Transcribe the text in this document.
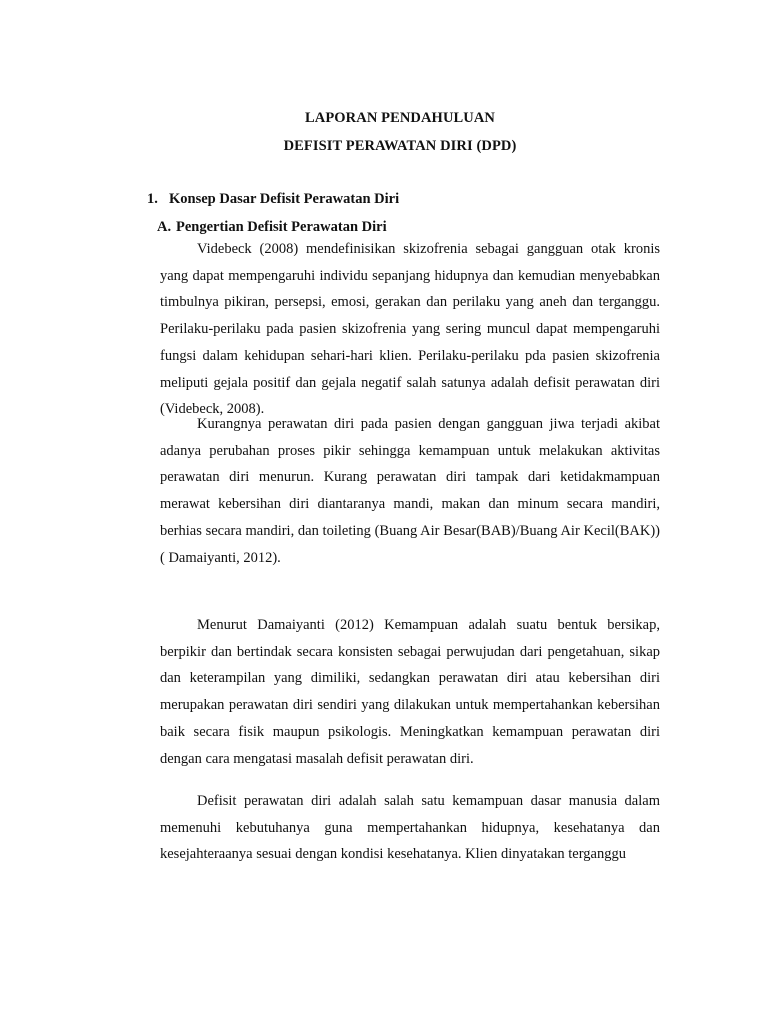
LAPORAN PENDAHULUAN
DEFISIT PERAWATAN DIRI (DPD)
1. Konsep Dasar Defisit Perawatan Diri
A. Pengertian Defisit Perawatan Diri

Videbeck (2008) mendefinisikan skizofrenia sebagai gangguan otak kronis yang dapat mempengaruhi individu sepanjang hidupnya dan kemudian menyebabkan timbulnya pikiran, persepsi, emosi, gerakan dan perilaku yang aneh dan terganggu. Perilaku-perilaku pada pasien skizofrenia yang sering muncul dapat mempengaruhi fungsi dalam kehidupan sehari-hari klien. Perilaku-perilaku pda pasien skizofrenia meliputi gejala positif dan gejala negatif salah satunya adalah defisit perawatan diri (Videbeck, 2008).

Kurangnya perawatan diri pada pasien dengan gangguan jiwa terjadi akibat adanya perubahan proses pikir sehingga kemampuan untuk melakukan aktivitas perawatan diri menurun. Kurang perawatan diri tampak dari ketidakmampuan merawat kebersihan diri diantaranya mandi, makan dan minum secara mandiri, berhias secara mandiri, dan toileting (Buang Air Besar(BAB)/Buang Air Kecil(BAK)) ( Damaiyanti, 2012).

Menurut Damaiyanti (2012) Kemampuan adalah suatu bentuk bersikap, berpikir dan bertindak secara konsisten sebagai perwujudan dari pengetahuan, sikap dan keterampilan yang dimiliki, sedangkan perawatan diri atau kebersihan diri merupakan perawatan diri sendiri yang dilakukan untuk mempertahankan kebersihan baik secara fisik maupun psikologis. Meningkatkan kemampuan perawatan diri dengan cara mengatasi masalah defisit perawatan diri.

Defisit perawatan diri adalah salah satu kemampuan dasar manusia dalam memenuhi kebutuhanya guna mempertahankan hidupnya, kesehatanya dan kesejahteraanya sesuai dengan kondisi kesehatanya. Klien dinyatakan terganggu
